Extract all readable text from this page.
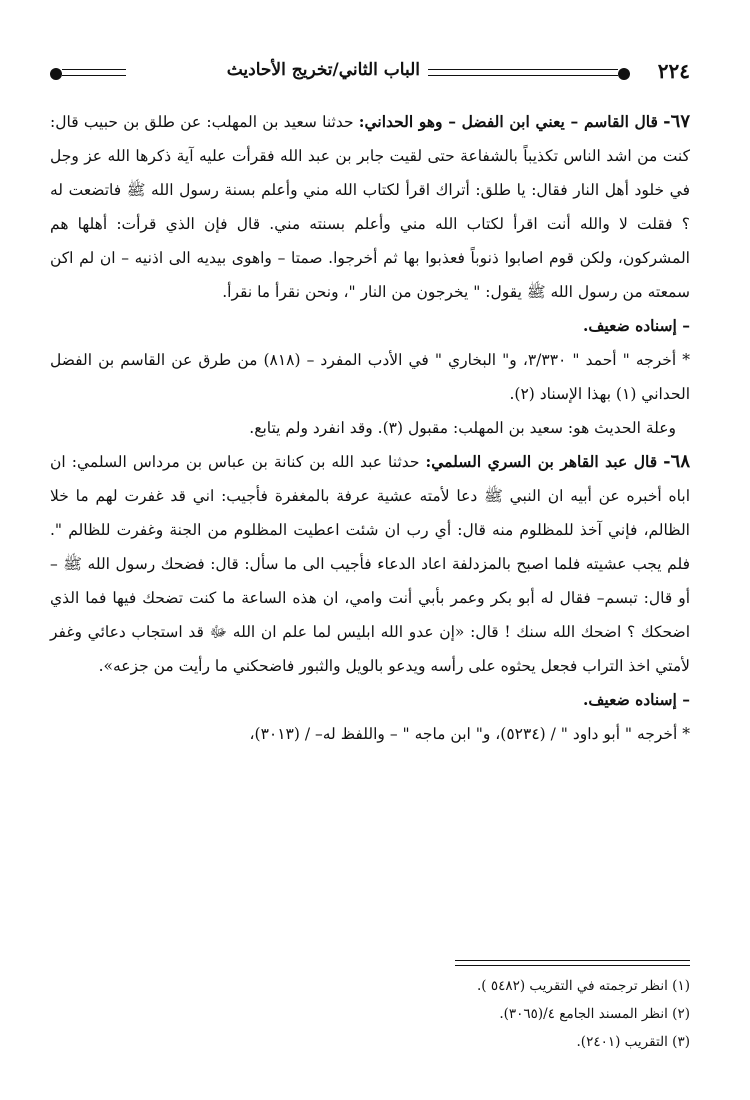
٢٢٤
الباب الثاني/تخريج الأحاديث

٦٧- قال القاسم – يعني ابن الفضل – وهو الحداني: حدثنا سعيد بن المهلب: عن طلق بن حبيب قال: كنت من اشد الناس تكذيباً بالشفاعة حتى لقيت جابر بن عبد الله فقرأت عليه آية ذكرها الله عز وجل في خلود أهل النار فقال: يا طلق: أتراك اقرأ لكتاب الله مني وأعلم بسنة رسول الله ﷺ فاتضعت له ؟ فقلت لا والله أنت اقرأ لكتاب الله مني وأعلم بسنته مني. قال فإن الذي قرأت: أهلها هم المشركون، ولكن قوم اصابوا ذنوباً فعذبوا بها ثم أخرجوا. صمتا – واهوى بيديه الى اذنيه – ان لم اكن سمعته من رسول الله ﷺ يقول: " يخرجون من النار "، ونحن نقرأ ما نقرأ.

– إسناده ضعيف.

* أخرجه " أحمد " ٣/٣٣٠، و" البخاري " في الأدب المفرد – (٨١٨) من طرق عن القاسم بن الفضل الحداني (١) بهذا الإسناد (٢).

وعلة الحديث هو: سعيد بن المهلب: مقبول (٣). وقد انفرد ولم يتابع.

٦٨- قال عبد القاهر بن السري السلمي: حدثنا عبد الله بن كنانة بن عباس بن مرداس السلمي: ان اباه أخبره عن أبيه ان النبي ﷺ دعا لأمته عشية عرفة بالمغفرة فأجيب: اني قد غفرت لهم ما خلا الظالم، فإني آخذ للمظلوم منه قال: أي رب ان شئت اعطيت المظلوم من الجنة وغفرت للظالم ". فلم يجب عشيته فلما اصبح بالمزدلفة اعاد الدعاء فأجيب الى ما سأل: قال: فضحك رسول الله ﷺ – أو قال: تبسم– فقال له أبو بكر وعمر بأبي أنت وامي، ان هذه الساعة ما كنت تضحك فيها فما الذي اضحكك ؟ اضحك الله سنك ! قال: «إن عدو الله ابليس لما علم ان الله ﷻ قد استجاب دعائي وغفر لأمتي اخذ التراب فجعل يحثوه على رأسه ويدعو بالويل والثبور فاضحكني ما رأيت من جزعه».

– إسناده ضعيف.

* أخرجه " أبو داود " / (٥٢٣٤)، و" ابن ماجه " – واللفظ له– / (٣٠١٣)،

(١) انظر ترجمته في التقريب (٥٤٨٢ ).
(٢) انظر المسند الجامع ٤/(٣٠٦٥).
(٣) التقريب (٢٤٠١).
